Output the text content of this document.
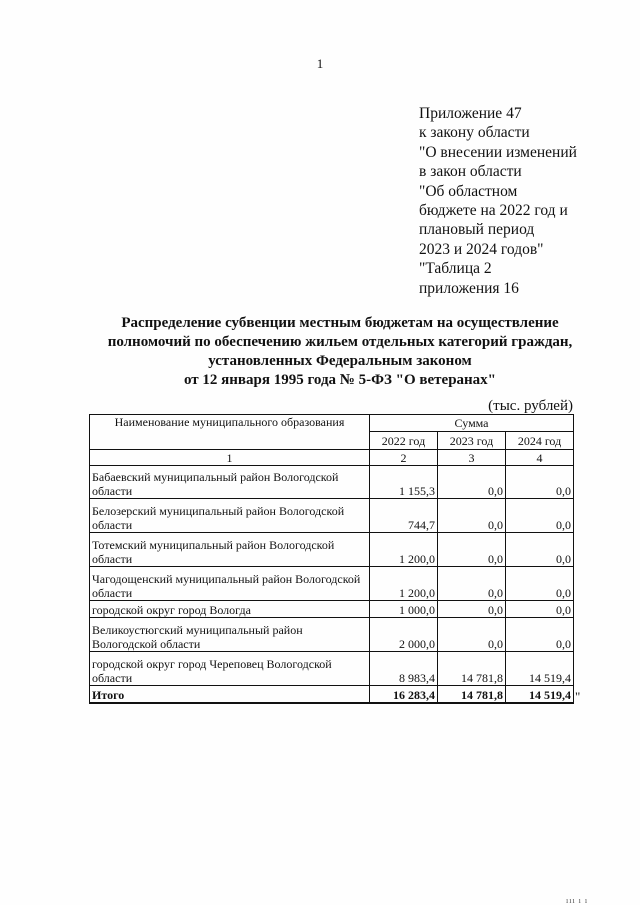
1
Приложение 47
к закону области
"О внесении изменений
в закон области
"Об областном
бюджете на 2022 год и
плановый период
2023 и 2024 годов"
"Таблица 2
приложения 16
Распределение субвенции местным бюджетам на осуществление
полномочий по обеспечению жильем отдельных категорий граждан,
установленных Федеральным законом
от 12 января 1995 года № 5-ФЗ "О ветеранах"
(тыс. рублей)
Наименование муниципального образования	Сумма		
	2022 год	2023 год	2024 год
1	2	3	4
Бабаевский муниципальный район Вологодской области	1 155,3	0,0	0,0
Белозерский муниципальный район Вологодской области	744,7	0,0	0,0
Тотемский муниципальный район Вологодской области	1 200,0	0,0	0,0
Чагодощенский муниципальный район Вологодской области	1 200,0	0,0	0,0
городской округ город Вологда	1 000,0	0,0	0,0
Великоустюгский муниципальный район Вологодской области	2 000,0	0,0	0,0
городской округ город Череповец Вологодской области	8 983,4	14 781,8	14 519,4
Итого	16 283,4	14 781,8	14 519,4 "
ııı ı ı
